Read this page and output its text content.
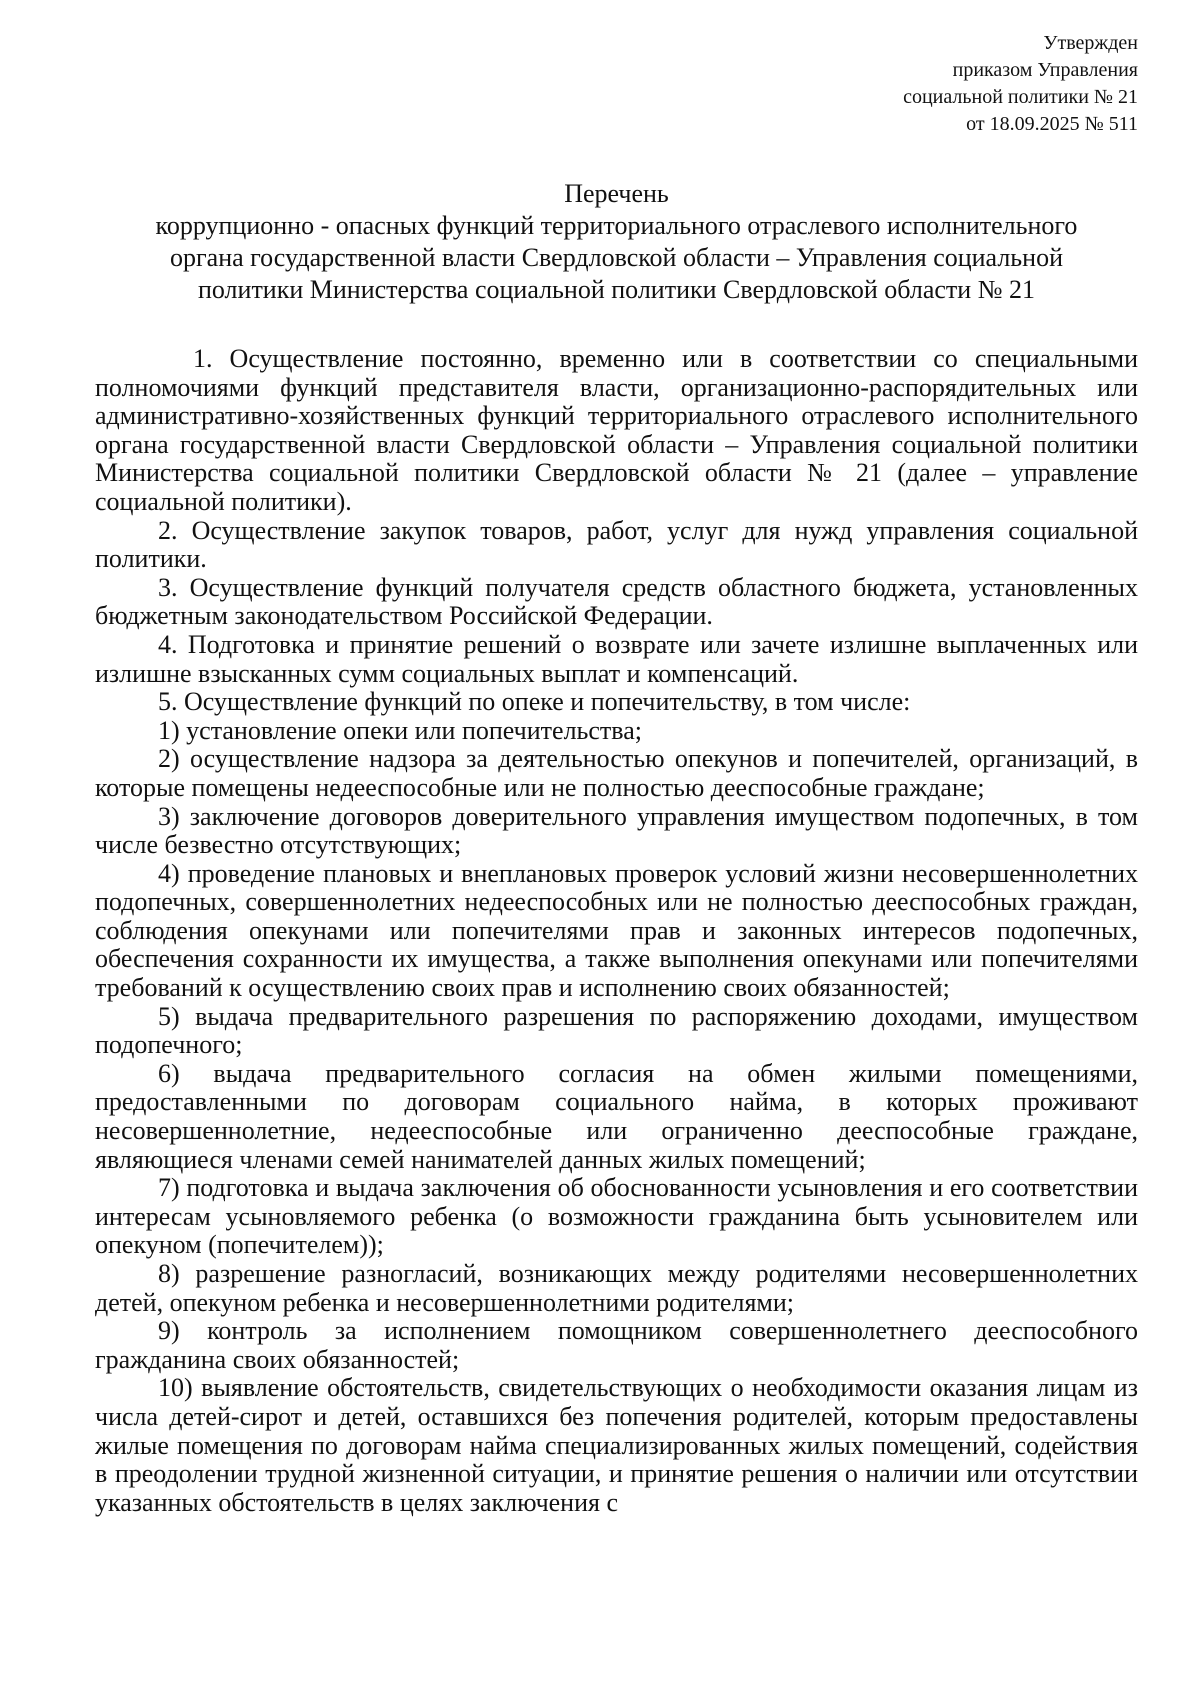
Утвержден
приказом Управления
социальной политики № 21
от 18.09.2025 № 511
Перечень
коррупционно - опасных функций территориального отраслевого исполнительного
органа государственной власти Свердловской области – Управления социальной
политики Министерства социальной политики Свердловской области № 21

1. Осуществление постоянно, временно или в соответствии со специальными полномочиями функций представителя власти, организационно-распорядительных или административно-хозяйственных функций территориального отраслевого исполнительного органа государственной власти Свердловской области – Управления социальной политики Министерства социальной политики Свердловской области № 21 (далее – управление социальной политики).

2. Осуществление закупок товаров, работ, услуг для нужд управления социальной политики.

3. Осуществление функций получателя средств областного бюджета, установленных бюджетным законодательством Российской Федерации.

4. Подготовка и принятие решений о возврате или зачете излишне выплаченных или излишне взысканных сумм социальных выплат и компенсаций.

5. Осуществление функций по опеке и попечительству, в том числе:

1) установление опеки или попечительства;

2) осуществление надзора за деятельностью опекунов и попечителей, организаций, в которые помещены недееспособные или не полностью дееспособные граждане;

3) заключение договоров доверительного управления имуществом подопечных, в том числе безвестно отсутствующих;

4) проведение плановых и внеплановых проверок условий жизни несовершеннолетних подопечных, совершеннолетних недееспособных или не полностью дееспособных граждан, соблюдения опекунами или попечителями прав и законных интересов подопечных, обеспечения сохранности их имущества, а также выполнения опекунами или попечителями требований к осуществлению своих прав и исполнению своих обязанностей;

5) выдача предварительного разрешения по распоряжению доходами, имуществом подопечного;

6) выдача предварительного согласия на обмен жилыми помещениями, предоставленными по договорам социального найма, в которых проживают несовершеннолетние, недееспособные или ограниченно дееспособные граждане, являющиеся членами семей нанимателей данных жилых помещений;

7) подготовка и выдача заключения об обоснованности усыновления и его соответствии интересам усыновляемого ребенка (о возможности гражданина быть усыновителем или опекуном (попечителем));

8) разрешение разногласий, возникающих между родителями несовершеннолетних детей, опекуном ребенка и несовершеннолетними родителями;

9) контроль за исполнением помощником совершеннолетнего дееспособного гражданина своих обязанностей;

10) выявление обстоятельств, свидетельствующих о необходимости оказания лицам из числа детей-сирот и детей, оставшихся без попечения родителей, которым предоставлены жилые помещения по договорам найма специализированных жилых помещений, содействия в преодолении трудной жизненной ситуации, и принятие решения о наличии или отсутствии указанных обстоятельств в целях заключения с
